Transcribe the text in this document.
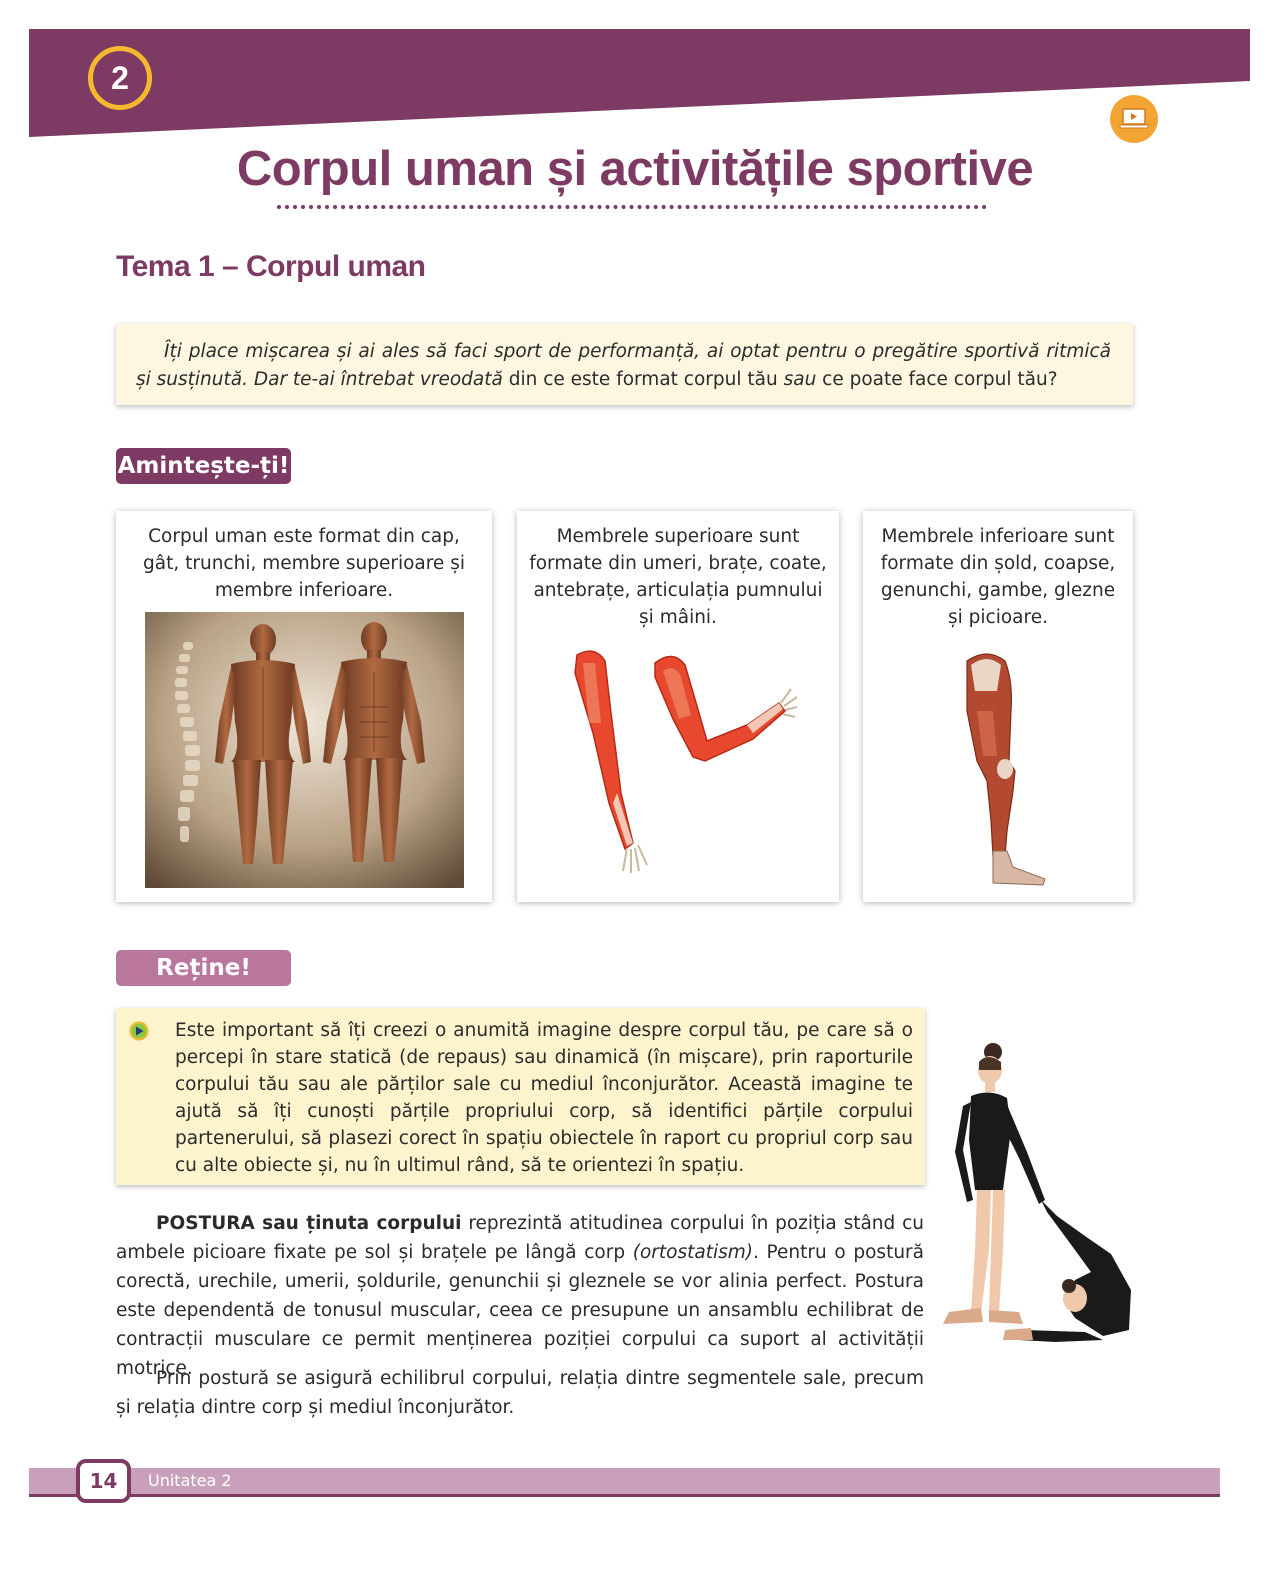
2
Corpul uman și activitățile sportive
Tema 1 – Corpul uman
Îți place mișcarea și ai ales să faci sport de performanță, ai optat pentru o pregătire sportivă ritmică și susținută. Dar te-ai întrebat vreodată din ce este format corpul tău sau ce poate face corpul tău?
Amintește-ți!
Corpul uman este format din cap, gât, trunchi, membre superioare și membre inferioare.
Membrele superioare sunt formate din umeri, brațe, coate, antebrațe, articulația pumnului și mâini.
Membrele inferioare sunt formate din șold, coapse, genunchi, gambe, glezne și picioare.
Reține!
Este important să îți creezi o anumită imagine despre corpul tău, pe care să o percepi în stare statică (de repaus) sau dinamică (în mișcare), prin raporturile corpului tău sau ale părților sale cu mediul înconjurător. Această imagine te ajută să îți cunoști părțile propriului corp, să identifici părțile corpului partenerului, să plasezi corect în spațiu obiectele în raport cu propriul corp sau cu alte obiecte și, nu în ultimul rând, să te orientezi în spațiu.
POSTURA sau ținuta corpului reprezintă atitudinea corpului în poziția stând cu ambele picioare fixate pe sol și brațele pe lângă corp (ortostatism). Pentru o postură corectă, urechile, umerii, șoldurile, genunchii și gleznele se vor alinia perfect. Postura este dependentă de tonusul muscular, ceea ce presupune un ansamblu echilibrat de contracții musculare ce permit menținerea poziției corpului ca suport al activității motrice.
Prin postură se asigură echilibrul corpului, relația dintre segmentele sale, precum și relația dintre corp și mediul înconjurător.
14	Unitatea 2
